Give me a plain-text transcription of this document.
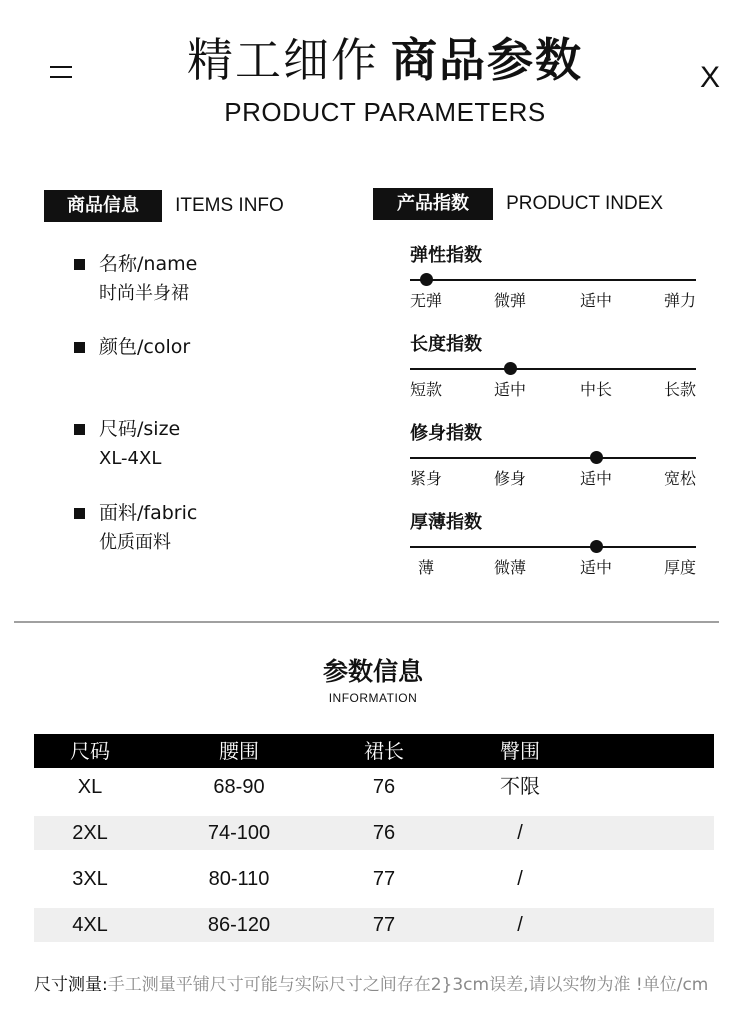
精工细作 商品参数	X
PRODUCT PARAMETERS
商品信息 ITEMS INFO	产品指数 PRODUCT INDEX
名称/name
时尚半身裙
颜色/color
尺码/size
XL-4XL
面料/fabric
优质面料
弹性指数
无弹	微弹	适中	弹力
长度指数
短款	适中	中长	长款
修身指数
紧身	修身	适中	宽松
厚薄指数
薄	微薄	适中	厚度
参数信息
INFORMATION
尺码	腰围	裙长	臀围
XL	68-90	76	不限
2XL	74-100	76	/
3XL	80-110	77	/
4XL	86-120	77	/
尺寸测量:手工测量平铺尺寸可能与实际尺寸之间存在2}3cm误差,请以实物为准 !单位/cm
